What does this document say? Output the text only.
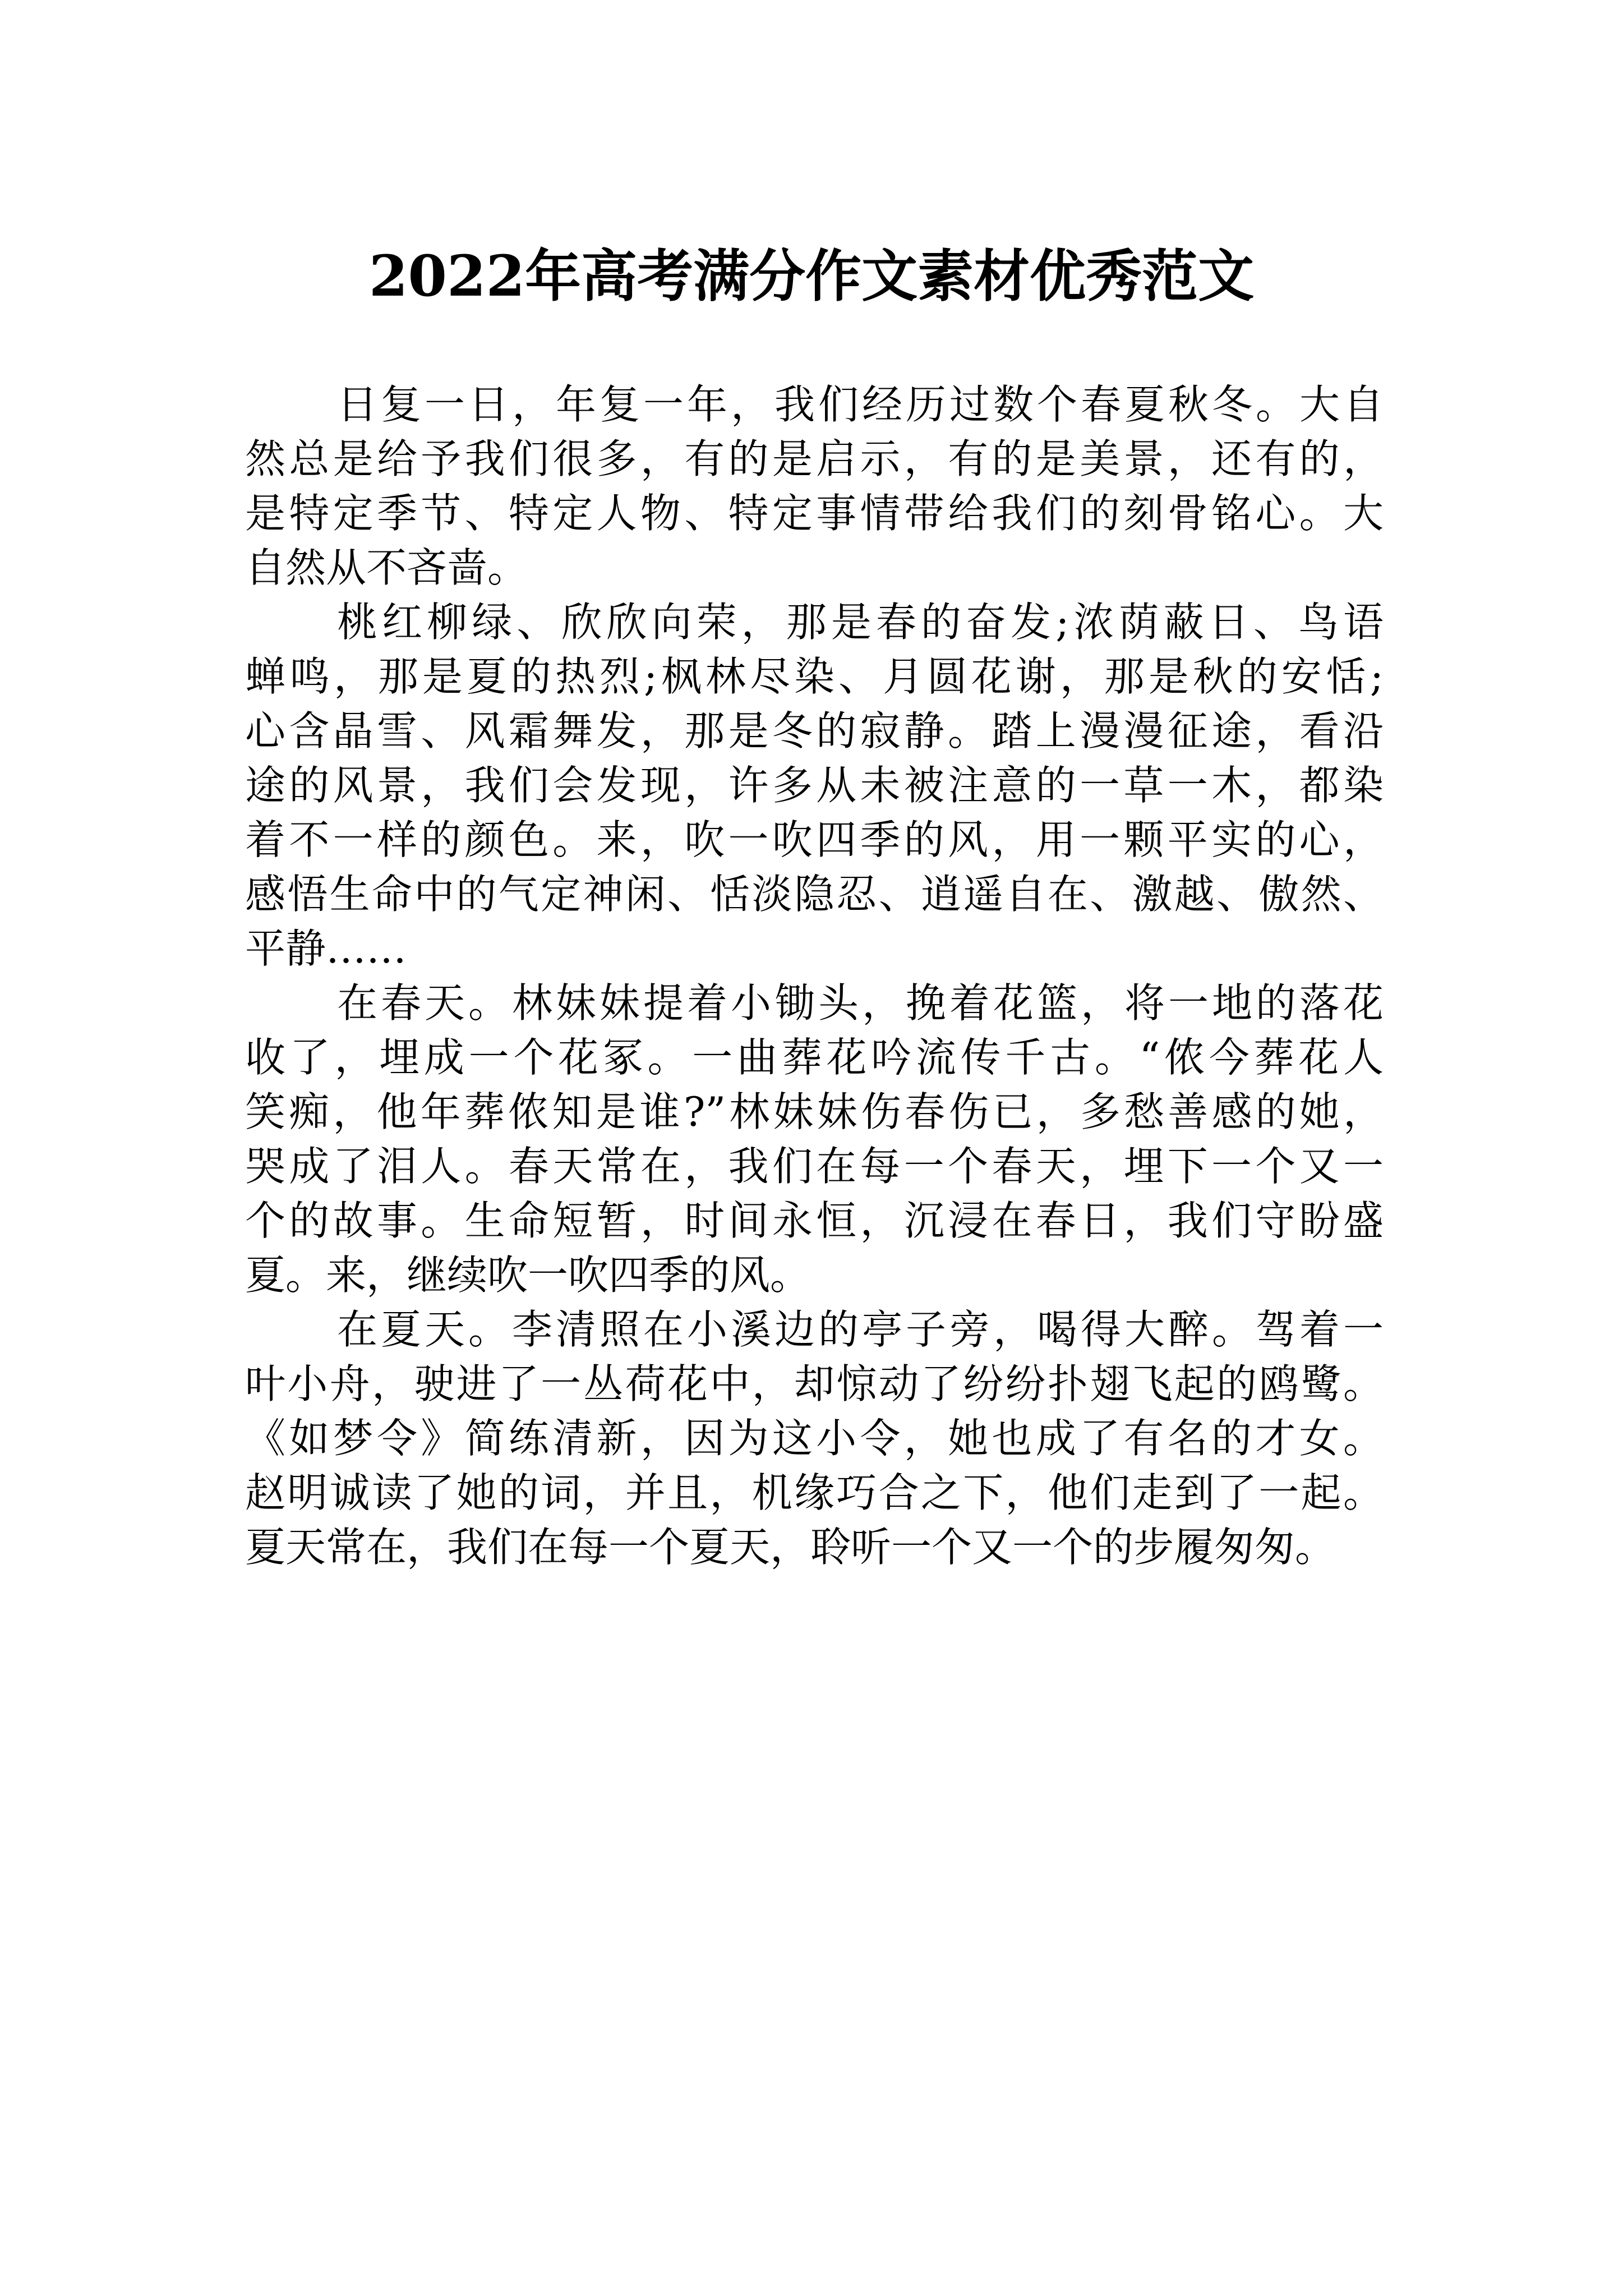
2022年高考满分作文素材优秀范文

日复一日，年复一年，我们经历过数个春夏秋冬。大自
然总是给予我们很多，有的是启示，有的是美景，还有的，
是特定季节、特定人物、特定事情带给我们的刻骨铭心。大
自然从不吝啬。

桃红柳绿、欣欣向荣，那是春的奋发;浓荫蔽日、鸟语
蝉鸣，那是夏的热烈;枫林尽染、月圆花谢，那是秋的安恬;
心含晶雪、风霜舞发，那是冬的寂静。踏上漫漫征途，看沿
途的风景，我们会发现，许多从未被注意的一草一木，都染
着不一样的颜色。来，吹一吹四季的风，用一颗平实的心，
感悟生命中的气定神闲、恬淡隐忍、逍遥自在、激越、傲然、
平静……

在春天。林妹妹提着小锄头，挽着花篮，将一地的落花
收了，埋成一个花冢。一曲葬花吟流传千古。“侬今葬花人
笑痴，他年葬侬知是谁?”林妹妹伤春伤已，多愁善感的她，
哭成了泪人。春天常在，我们在每一个春天，埋下一个又一
个的故事。生命短暂，时间永恒，沉浸在春日，我们守盼盛
夏。来，继续吹一吹四季的风。

在夏天。李清照在小溪边的亭子旁，喝得大醉。驾着一
叶小舟，驶进了一丛荷花中，却惊动了纷纷扑翅飞起的鸥鹭。
《如梦令》简练清新，因为这小令，她也成了有名的才女。
赵明诚读了她的词，并且，机缘巧合之下，他们走到了一起。
夏天常在，我们在每一个夏天，聆听一个又一个的步履匆匆。
